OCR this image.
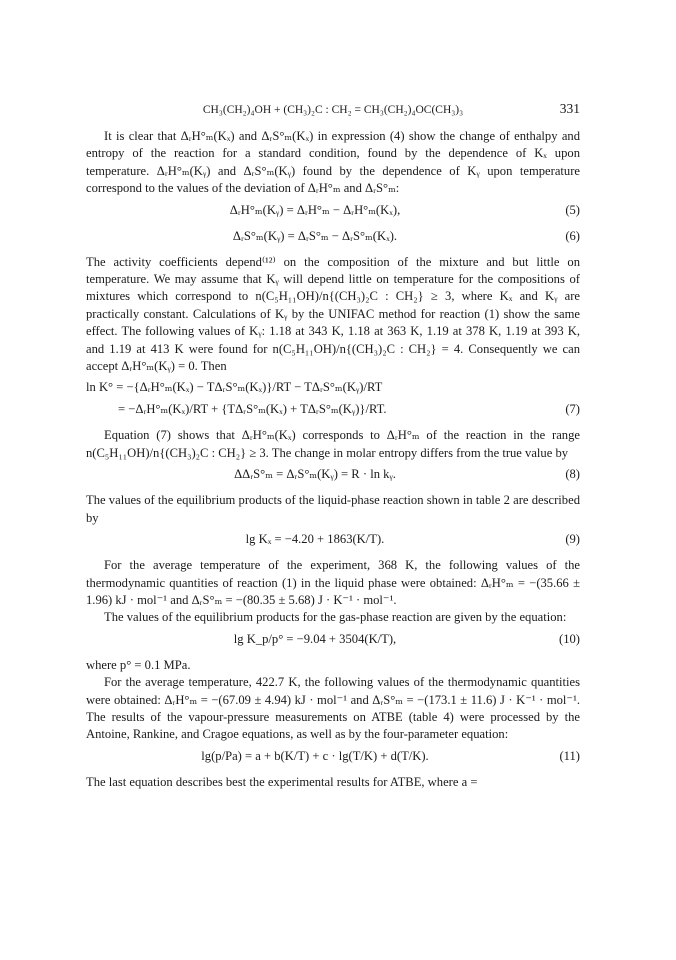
CH₃(CH₂)₄OH + (CH₃)₂C : CH₂ = CH₃(CH₂)₄OC(CH₃)₃	331

It is clear that ΔᵣH°ₘ(Kₓ) and ΔᵣS°ₘ(Kₓ) in expression (4) show the change of enthalpy and entropy of the reaction for a standard condition, found by the dependence of Kₓ upon temperature. ΔᵣH°ₘ(Kᵧ) and ΔᵣS°ₘ(Kᵧ) found by the dependence of Kᵧ upon temperature correspond to the values of the deviation of ΔᵣH°ₘ and ΔᵣS°ₘ:

ΔᵣH°ₘ(Kᵧ) = ΔᵣH°ₘ − ΔᵣH°ₘ(Kₓ),	(5)
ΔᵣS°ₘ(Kᵧ) = ΔᵣS°ₘ − ΔᵣS°ₘ(Kₓ).	(6)

The activity coefficients depend⁽¹²⁾ on the composition of the mixture and but little on temperature. We may assume that Kᵧ will depend little on temperature for the compositions of mixtures which correspond to n(C₅H₁₁OH)/n{(CH₃)₂C : CH₂} ≥ 3, where Kₓ and Kᵧ are practically constant. Calculations of Kᵧ by the UNIFAC method for reaction (1) show the same effect. The following values of Kᵧ: 1.18 at 343 K, 1.18 at 363 K, 1.19 at 378 K, 1.19 at 393 K, and 1.19 at 413 K were found for n(C₅H₁₁OH)/n{(CH₃)₂C : CH₂} = 4. Consequently we can accept ΔᵣH°ₘ(Kᵧ) = 0. Then

ln K° = −{ΔᵣH°ₘ(Kₓ) − TΔᵣS°ₘ(Kₓ)}/RT − TΔᵣS°ₘ(Kᵧ)/RT
= −ΔᵣH°ₘ(Kₓ)/RT + {TΔᵣS°ₘ(Kₓ) + TΔᵣS°ₘ(Kᵧ)}/RT.	(7)

Equation (7) shows that ΔᵣH°ₘ(Kₓ) corresponds to ΔᵣH°ₘ of the reaction in the range n(C₅H₁₁OH)/n{(CH₃)₂C : CH₂} ≥ 3. The change in molar entropy differs from the true value by

ΔΔᵣS°ₘ = ΔᵣS°ₘ(Kᵧ) = R · ln kᵧ.	(8)

The values of the equilibrium products of the liquid-phase reaction shown in table 2 are described by

lg Kₓ = −4.20 + 1863(K/T).	(9)

For the average temperature of the experiment, 368 K, the following values of the thermodynamic quantities of reaction (1) in the liquid phase were obtained: ΔᵣH°ₘ = −(35.66 ± 1.96) kJ · mol⁻¹ and ΔᵣS°ₘ = −(80.35 ± 5.68) J · K⁻¹ · mol⁻¹.

The values of the equilibrium products for the gas-phase reaction are given by the equation:

lg K_p/p° = −9.04 + 3504(K/T),	(10)

where p° = 0.1 MPa.

For the average temperature, 422.7 K, the following values of the thermodynamic quantities were obtained: ΔᵣH°ₘ = −(67.09 ± 4.94) kJ · mol⁻¹ and ΔᵣS°ₘ = −(173.1 ± 11.6) J · K⁻¹ · mol⁻¹. The results of the vapour-pressure measurements on ATBE (table 4) were processed by the Antoine, Rankine, and Cragoe equations, as well as by the four-parameter equation:

lg(p/Pa) = a + b(K/T) + c · lg(T/K) + d(T/K).	(11)

The last equation describes best the experimental results for ATBE, where a =
